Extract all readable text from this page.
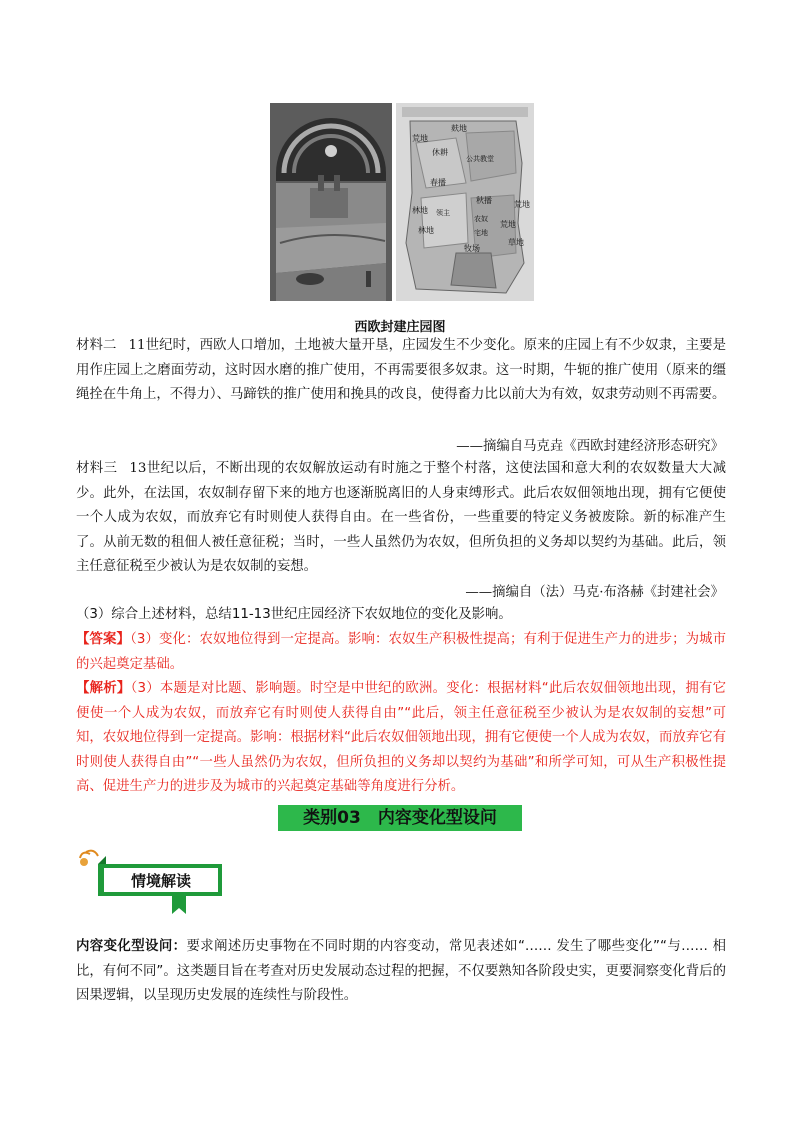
麸地
荒地
休耕
公共教堂
春播
林地
秋播
领主
农奴
宅地
林地
荒地
牧场
草地
荒地
西欧封建庄园图

材料二 11世纪时，西欧人口增加，土地被大量开垦，庄园发生不少变化。原来的庄园上有不少奴隶，主要是用作庄园上之磨面劳动，这时因水磨的推广使用，不再需要很多奴隶。这一时期，牛轭的推广使用（原来的缰绳拴在牛角上，不得力）、马蹄铁的推广使用和挽具的改良，使得畜力比以前大为有效，奴隶劳动则不再需要。

——摘编自马克垚《西欧封建经济形态研究》

材料三 13世纪以后，不断出现的农奴解放运动有时施之于整个村落，这使法国和意大利的农奴数量大大减少。此外，在法国，农奴制存留下来的地方也逐渐脱离旧的人身束缚形式。此后农奴佃领地出现，拥有它便使一个人成为农奴，而放弃它有时则使人获得自由。在一些省份，一些重要的特定义务被废除。新的标准产生了。从前无数的租佃人被任意征税；当时，一些人虽然仍为农奴，但所负担的义务却以契约为基础。此后，领主任意征税至少被认为是农奴制的妄想。

——摘编自（法）马克·布洛赫《封建社会》

（3）综合上述材料，总结11-13世纪庄园经济下农奴地位的变化及影响。

【答案】（3）变化：农奴地位得到一定提高。影响：农奴生产积极性提高；有利于促进生产力的进步；为城市的兴起奠定基础。

【解析】（3）本题是对比题、影响题。时空是中世纪的欧洲。变化：根据材料“此后农奴佃领地出现，拥有它便使一个人成为农奴，而放弃它有时则使人获得自由”“此后，领主任意征税至少被认为是农奴制的妄想”可知，农奴地位得到一定提高。影响：根据材料“此后农奴佃领地出现，拥有它便使一个人成为农奴，而放弃它有时则使人获得自由”“一些人虽然仍为农奴，但所负担的义务却以契约为基础”和所学可知，可从生产积极性提高、促进生产力的进步及为城市的兴起奠定基础等角度进行分析。

类别03　内容变化型设问
情境解读

内容变化型设问：要求阐述历史事物在不同时期的内容变动，常见表述如“…… 发生了哪些变化”“与…… 相比，有何不同”。这类题目旨在考查对历史发展动态过程的把握，不仅要熟知各阶段史实，更要洞察变化背后的因果逻辑，以呈现历史发展的连续性与阶段性。
